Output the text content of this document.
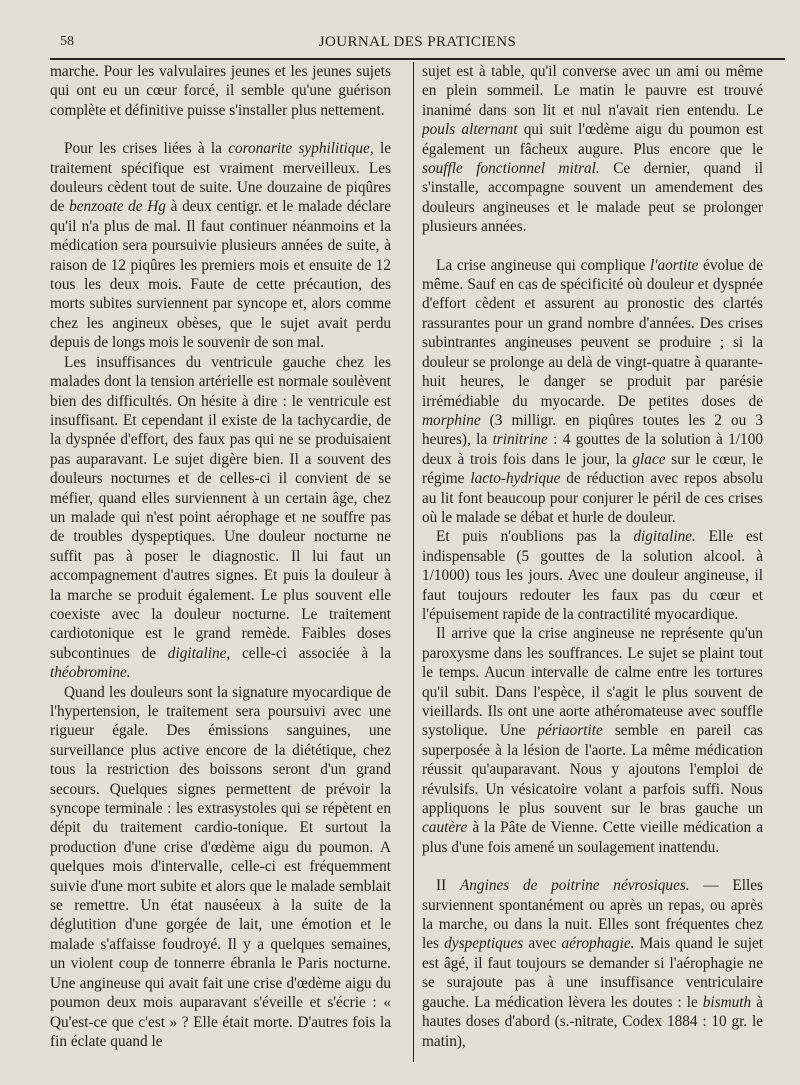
58	JOURNAL DES PRATICIENS

marche. Pour les valvulaires jeunes et les jeunes sujets qui ont eu un cœur forcé, il semble qu'une guérison complète et définitive puisse s'installer plus nettement.

Pour les crises liées à la coronarite syphilitique, le traitement spécifique est vraiment merveilleux. Les douleurs cèdent tout de suite. Une douzaine de piqûres de benzoate de Hg à deux centigr. et le malade déclare qu'il n'a plus de mal. Il faut continuer néanmoins et la médication sera poursuivie plusieurs années de suite, à raison de 12 piqûres les premiers mois et ensuite de 12 tous les deux mois. Faute de cette précaution, des morts subites surviennent par syncope et, alors comme chez les angineux obèses, que le sujet avait perdu depuis de longs mois le souvenir de son mal.

Les insuffisances du ventricule gauche chez les malades dont la tension artérielle est normale soulèvent bien des difficultés. On hésite à dire : le ventricule est insuffisant. Et cependant il existe de la tachycardie, de la dyspnée d'effort, des faux pas qui ne se produisaient pas auparavant. Le sujet digère bien. Il a souvent des douleurs nocturnes et de celles-ci il convient de se méfier, quand elles surviennent à un certain âge, chez un malade qui n'est point aérophage et ne souffre pas de troubles dyspeptiques. Une douleur nocturne ne suffit pas à poser le diagnostic. Il lui faut un accompagnement d'autres signes. Et puis la douleur à la marche se produit également. Le plus souvent elle coexiste avec la douleur nocturne. Le traitement cardiotonique est le grand remède. Faibles doses subcontinues de digitaline, celle-ci associée à la théobromine.

Quand les douleurs sont la signature myocardique de l'hypertension, le traitement sera poursuivi avec une rigueur égale. Des émissions sanguines, une surveillance plus active encore de la diététique, chez tous la restriction des boissons seront d'un grand secours. Quelques signes permettent de prévoir la syncope terminale : les extrasystoles qui se répètent en dépit du traitement cardio-tonique. Et surtout la production d'une crise d'œdème aigu du poumon. A quelques mois d'intervalle, celle-ci est fréquemment suivie d'une mort subite et alors que le malade semblait se remettre. Un état nauséeux à la suite de la déglutition d'une gorgée de lait, une émotion et le malade s'affaisse foudroyé. Il y a quelques semaines, un violent coup de tonnerre ébranla le Paris nocturne. Une angineuse qui avait fait une crise d'œdème aigu du poumon deux mois auparavant s'éveille et s'écrie : « Qu'est-ce que c'est » ? Elle était morte. D'autres fois la fin éclate quand le

sujet est à table, qu'il converse avec un ami ou même en plein sommeil. Le matin le pauvre est trouvé inanimé dans son lit et nul n'avait rien entendu. Le pouls alternant qui suit l'œdème aigu du poumon est également un fâcheux augure. Plus encore que le souffle fonctionnel mitral. Ce dernier, quand il s'installe, accompagne souvent un amendement des douleurs angineuses et le malade peut se prolonger plusieurs années.

La crise angineuse qui complique l'aortite évolue de même. Sauf en cas de spécificité où douleur et dyspnée d'effort cèdent et assurent au pronostic des clartés rassurantes pour un grand nombre d'années. Des crises subintrantes angineuses peuvent se produire ; si la douleur se prolonge au delà de vingt-quatre à quarante-huit heures, le danger se produit par parésie irrémédiable du myocarde. De petites doses de morphine (3 milligr. en piqûres toutes les 2 ou 3 heures), la trinitrine : 4 gouttes de la solution à 1/100 deux à trois fois dans le jour, la glace sur le cœur, le régime lacto-hydrique de réduction avec repos absolu au lit font beaucoup pour conjurer le péril de ces crises où le malade se débat et hurle de douleur.

Et puis n'oublions pas la digitaline. Elle est indispensable (5 gouttes de la solution alcool. à 1/1000) tous les jours. Avec une douleur angineuse, il faut toujours redouter les faux pas du cœur et l'épuisement rapide de la contractilité myocardique.

Il arrive que la crise angineuse ne représente qu'un paroxysme dans les souffrances. Le sujet se plaint tout le temps. Aucun intervalle de calme entre les tortures qu'il subit. Dans l'espèce, il s'agit le plus souvent de vieillards. Ils ont une aorte athéromateuse avec souffle systolique. Une périaortite semble en pareil cas superposée à la lésion de l'aorte. La même médication réussit qu'auparavant. Nous y ajoutons l'emploi de révulsifs. Un vésicatoire volant a parfois suffi. Nous appliquons le plus souvent sur le bras gauche un cautère à la Pâte de Vienne. Cette vieille médication a plus d'une fois amené un soulagement inattendu.

II Angines de poitrine névrosiques. — Elles surviennent spontanément ou après un repas, ou après la marche, ou dans la nuit. Elles sont fréquentes chez les dyspeptiques avec aérophagie. Mais quand le sujet est âgé, il faut toujours se demander si l'aérophagie ne se surajoute pas à une insuffisance ventriculaire gauche. La médication lèvera les doutes : le bismuth à hautes doses d'abord (s.-nitrate, Codex 1884 : 10 gr. le matin),
